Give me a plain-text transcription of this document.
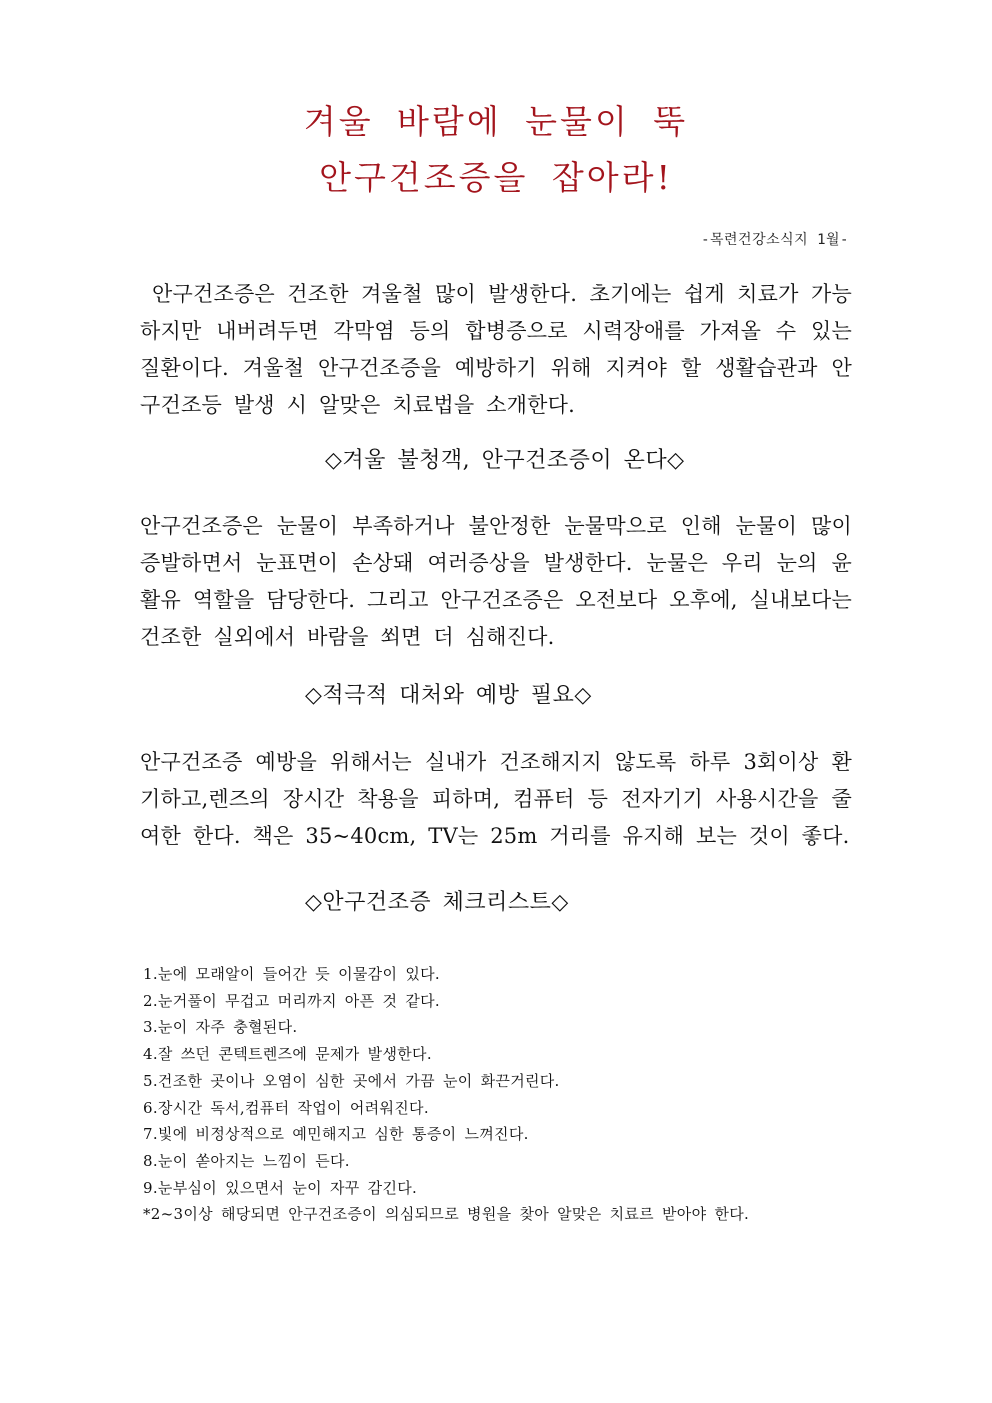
겨울 바람에 눈물이 뚝
안구건조증을 잡아라!
-목련건강소식지 1월-

안구건조증은 건조한 겨울철 많이 발생한다. 초기에는 쉽게 치료가 가능하지만 내버려두면 각막염 등의 합병증으로 시력장애를 가져올 수 있는 질환이다. 겨울철 안구건조증을 예방하기 위해 지켜야 할 생활습관과 안구건조등 발생 시 알맞은 치료법을 소개한다.

◇겨울 불청객, 안구건조증이 온다◇

안구건조증은 눈물이 부족하거나 불안정한 눈물막으로 인해 눈물이 많이 증발하면서 눈표면이 손상돼 여러증상을 발생한다. 눈물은 우리 눈의 윤활유 역할을 담당한다. 그리고 안구건조증은 오전보다 오후에, 실내보다는 건조한 실외에서 바람을 쐬면 더 심해진다.

◇적극적 대처와 예방 필요◇

안구건조증 예방을 위해서는 실내가 건조해지지 않도록 하루 3회이상 환기하고,렌즈의 장시간 착용을 피하며, 컴퓨터 등 전자기기 사용시간을 줄여한 한다. 책은 35~40cm, TV는 25m 거리를 유지해 보는 것이 좋다.

◇안구건조증 체크리스트◇
1.눈에 모래알이 들어간 듯 이물감이 있다.
2.눈거풀이 무겁고 머리까지 아픈 것 같다.
3.눈이 자주 충혈된다.
4.잘 쓰던 콘텍트렌즈에 문제가 발생한다.
5.건조한 곳이나 오염이 심한 곳에서 가끔 눈이 화끈거린다.
6.장시간 독서,컴퓨터 작업이 어려워진다.
7.빛에 비정상적으로 예민해지고 심한 통증이 느껴진다.
8.눈이 쏟아지는 느낌이 든다.
9.눈부심이 있으면서 눈이 자꾸 감긴다.
*2~3이상 해당되면 안구건조증이 의심되므로 병원을 찾아 알맞은 치료르 받아야 한다.
